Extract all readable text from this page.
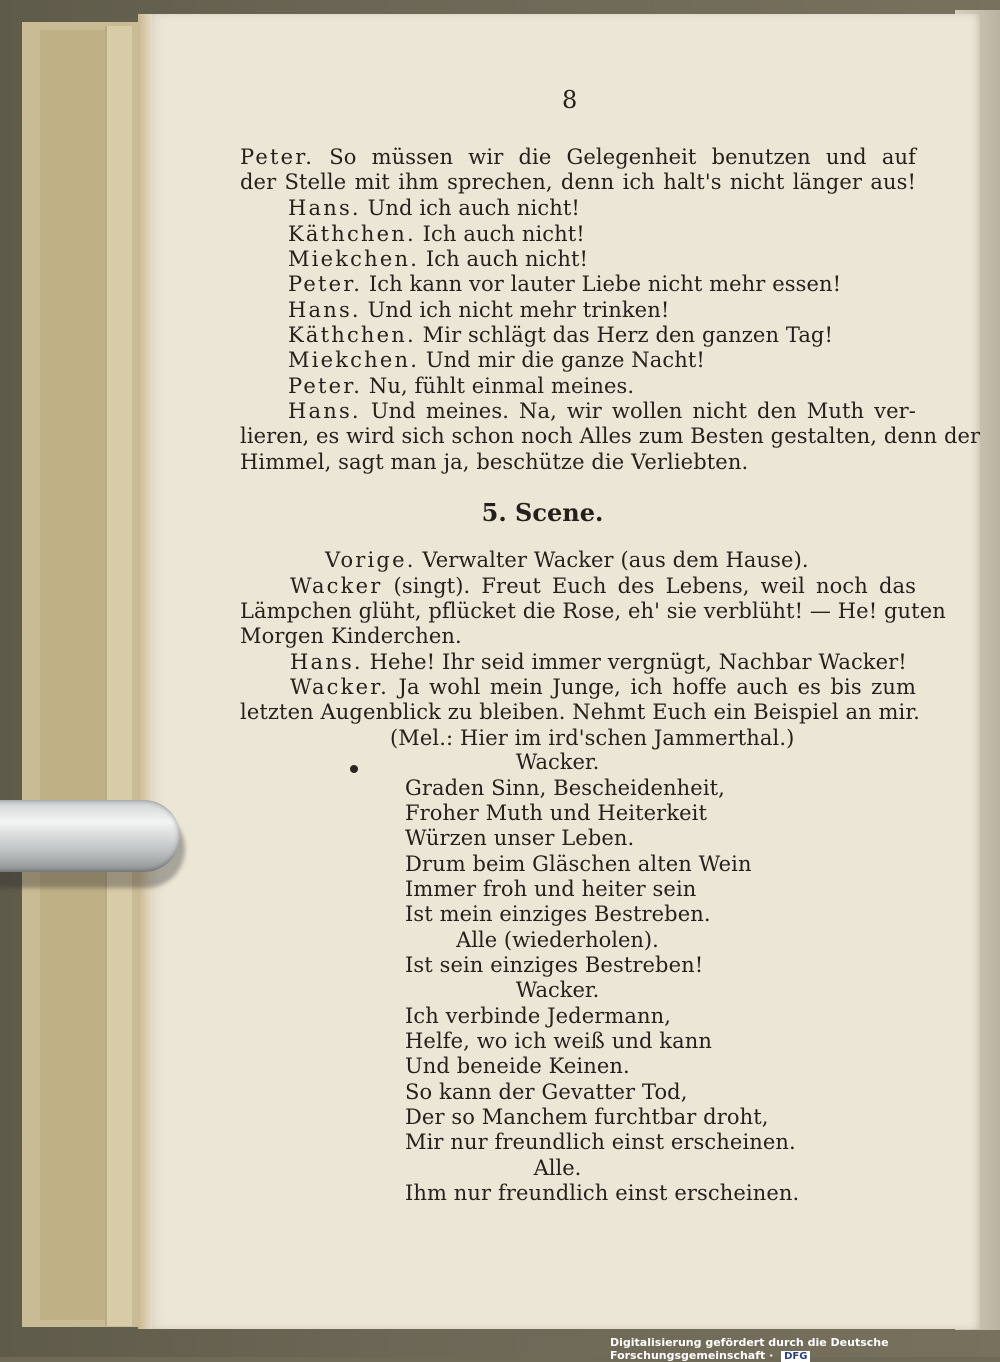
8
Peter. So müssen wir die Gelegenheit benutzen und auf
der Stelle mit ihm sprechen, denn ich halt's nicht länger aus!
Hans. Und ich auch nicht!
Käthchen. Ich auch nicht!
Miekchen. Ich auch nicht!
Peter. Ich kann vor lauter Liebe nicht mehr essen!
Hans. Und ich nicht mehr trinken!
Käthchen. Mir schlägt das Herz den ganzen Tag!
Miekchen. Und mir die ganze Nacht!
Peter. Nu, fühlt einmal meines.
Hans. Und meines. Na, wir wollen nicht den Muth ver-
lieren, es wird sich schon noch Alles zum Besten gestalten, denn der
Himmel, sagt man ja, beschütze die Verliebten.
5. Scene.
Vorige. Verwalter Wacker (aus dem Hause).
Wacker (singt). Freut Euch des Lebens, weil noch das
Lämpchen glüht, pflücket die Rose, eh' sie verblüht! — He! guten
Morgen Kinderchen.
Hans. Hehe! Ihr seid immer vergnügt, Nachbar Wacker!
Wacker. Ja wohl mein Junge, ich hoffe auch es bis zum
letzten Augenblick zu bleiben. Nehmt Euch ein Beispiel an mir.
(Mel.: Hier im ird'schen Jammerthal.)
Wacker.
Graden Sinn, Bescheidenheit,
Froher Muth und Heiterkeit
Würzen unser Leben.
Drum beim Gläschen alten Wein
Immer froh und heiter sein
Ist mein einziges Bestreben.
Alle (wiederholen).
Ist sein einziges Bestreben!
Wacker.
Ich verbinde Jedermann,
Helfe, wo ich weiß und kann
Und beneide Keinen.
So kann der Gevatter Tod,
Der so Manchem furchtbar droht,
Mir nur freundlich einst erscheinen.
Alle.
Ihm nur freundlich einst erscheinen.
Digitalisierung gefördert durch die Deutsche Forschungsgemeinschaft · DFG
